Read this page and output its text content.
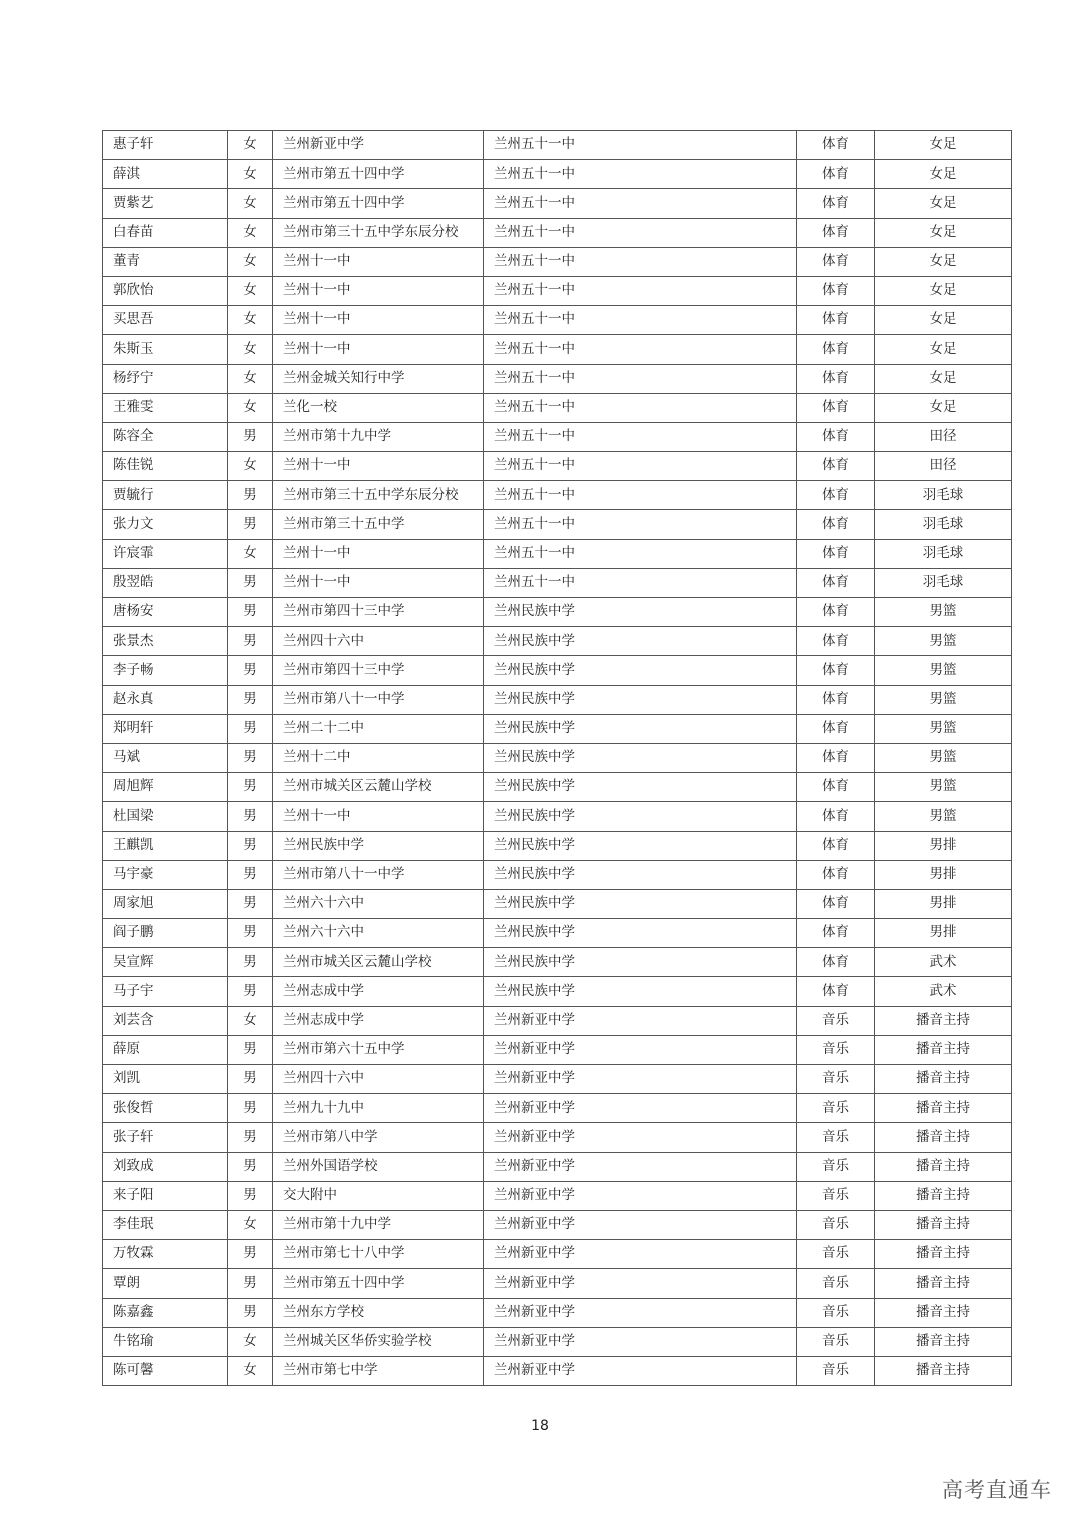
惠子轩	女	兰州新亚中学	兰州五十一中	体育	女足
薛淇	女	兰州市第五十四中学	兰州五十一中	体育	女足
贾紫艺	女	兰州市第五十四中学	兰州五十一中	体育	女足
白春苗	女	兰州市第三十五中学东辰分校	兰州五十一中	体育	女足
董青	女	兰州十一中	兰州五十一中	体育	女足
郭欣怡	女	兰州十一中	兰州五十一中	体育	女足
买思吾	女	兰州十一中	兰州五十一中	体育	女足
朱斯玉	女	兰州十一中	兰州五十一中	体育	女足
杨纾宁	女	兰州金城关知行中学	兰州五十一中	体育	女足
王雅雯	女	兰化一校	兰州五十一中	体育	女足
陈容全	男	兰州市第十九中学	兰州五十一中	体育	田径
陈佳锐	女	兰州十一中	兰州五十一中	体育	田径
贾毓行	男	兰州市第三十五中学东辰分校	兰州五十一中	体育	羽毛球
张力文	男	兰州市第三十五中学	兰州五十一中	体育	羽毛球
许宸霏	女	兰州十一中	兰州五十一中	体育	羽毛球
殷翌皓	男	兰州十一中	兰州五十一中	体育	羽毛球
唐杨安	男	兰州市第四十三中学	兰州民族中学	体育	男篮
张景杰	男	兰州四十六中	兰州民族中学	体育	男篮
李子畅	男	兰州市第四十三中学	兰州民族中学	体育	男篮
赵永真	男	兰州市第八十一中学	兰州民族中学	体育	男篮
郑明轩	男	兰州二十二中	兰州民族中学	体育	男篮
马斌	男	兰州十二中	兰州民族中学	体育	男篮
周旭辉	男	兰州市城关区云麓山学校	兰州民族中学	体育	男篮
杜国梁	男	兰州十一中	兰州民族中学	体育	男篮
王麒凯	男	兰州民族中学	兰州民族中学	体育	男排
马宇豪	男	兰州市第八十一中学	兰州民族中学	体育	男排
周家旭	男	兰州六十六中	兰州民族中学	体育	男排
阎子鹏	男	兰州六十六中	兰州民族中学	体育	男排
吴宣辉	男	兰州市城关区云麓山学校	兰州民族中学	体育	武术
马子宇	男	兰州志成中学	兰州民族中学	体育	武术
刘芸含	女	兰州志成中学	兰州新亚中学	音乐	播音主持
薛原	男	兰州市第六十五中学	兰州新亚中学	音乐	播音主持
刘凯	男	兰州四十六中	兰州新亚中学	音乐	播音主持
张俊哲	男	兰州九十九中	兰州新亚中学	音乐	播音主持
张子轩	男	兰州市第八中学	兰州新亚中学	音乐	播音主持
刘致成	男	兰州外国语学校	兰州新亚中学	音乐	播音主持
来子阳	男	交大附中	兰州新亚中学	音乐	播音主持
李佳珉	女	兰州市第十九中学	兰州新亚中学	音乐	播音主持
万牧霖	男	兰州市第七十八中学	兰州新亚中学	音乐	播音主持
覃朗	男	兰州市第五十四中学	兰州新亚中学	音乐	播音主持
陈嘉鑫	男	兰州东方学校	兰州新亚中学	音乐	播音主持
牛铭瑜	女	兰州城关区华侨实验学校	兰州新亚中学	音乐	播音主持
陈可馨	女	兰州市第七中学	兰州新亚中学	音乐	播音主持
18
高考直通车
